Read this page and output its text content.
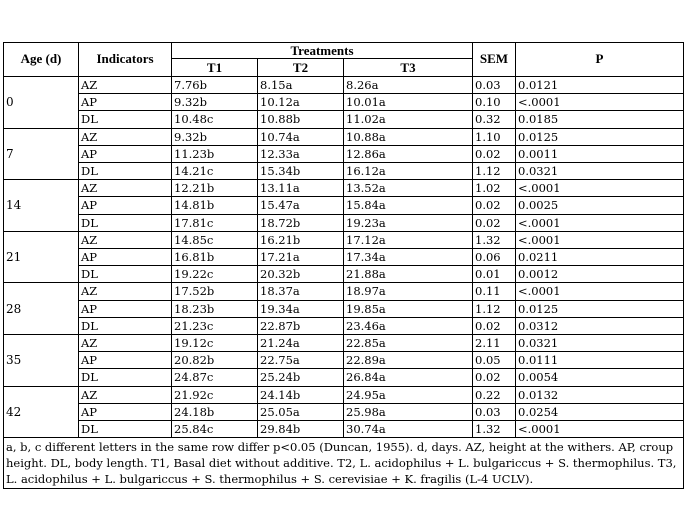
Age (d)	Indicators	Treatments			SEM	P
		T1	T2	T3		
0	AZ	7.76b	8.15a	8.26a	0.03	0.0121
	AP	9.32b	10.12a	10.01a	0.10	<.0001
	DL	10.48c	10.88b	11.02a	0.32	0.0185
7	AZ	9.32b	10.74a	10.88a	1.10	0.0125
	AP	11.23b	12.33a	12.86a	0.02	0.0011
	DL	14.21c	15.34b	16.12a	1.12	0.0321
14	AZ	12.21b	13.11a	13.52a	1.02	<.0001
	AP	14.81b	15.47a	15.84a	0.02	0.0025
	DL	17.81c	18.72b	19.23a	0.02	<.0001
21	AZ	14.85c	16.21b	17.12a	1.32	<.0001
	AP	16.81b	17.21a	17.34a	0.06	0.0211
	DL	19.22c	20.32b	21.88a	0.01	0.0012
28	AZ	17.52b	18.37a	18.97a	0.11	<.0001
	AP	18.23b	19.34a	19.85a	1.12	0.0125
	DL	21.23c	22.87b	23.46a	0.02	0.0312
35	AZ	19.12c	21.24a	22.85a	2.11	0.0321
	AP	20.82b	22.75a	22.89a	0.05	0.0111
	DL	24.87c	25.24b	26.84a	0.02	0.0054
42	AZ	21.92c	24.14b	24.95a	0.22	0.0132
	AP	24.18b	25.05a	25.98a	0.03	0.0254
	DL	25.84c	29.84b	30.74a	1.32	<.0001
a, b, c different letters in the same row differ p<0.05 (Duncan, 1955). d, days. AZ, height at the withers. AP, croup height. DL, body length. T1, Basal diet without additive. T2, L. acidophilus + L. bulgariccus + S. thermophilus. T3, L. acidophilus + L. bulgariccus + S. thermophilus + S. cerevisiae + K. fragilis (L-4 UCLV).						
